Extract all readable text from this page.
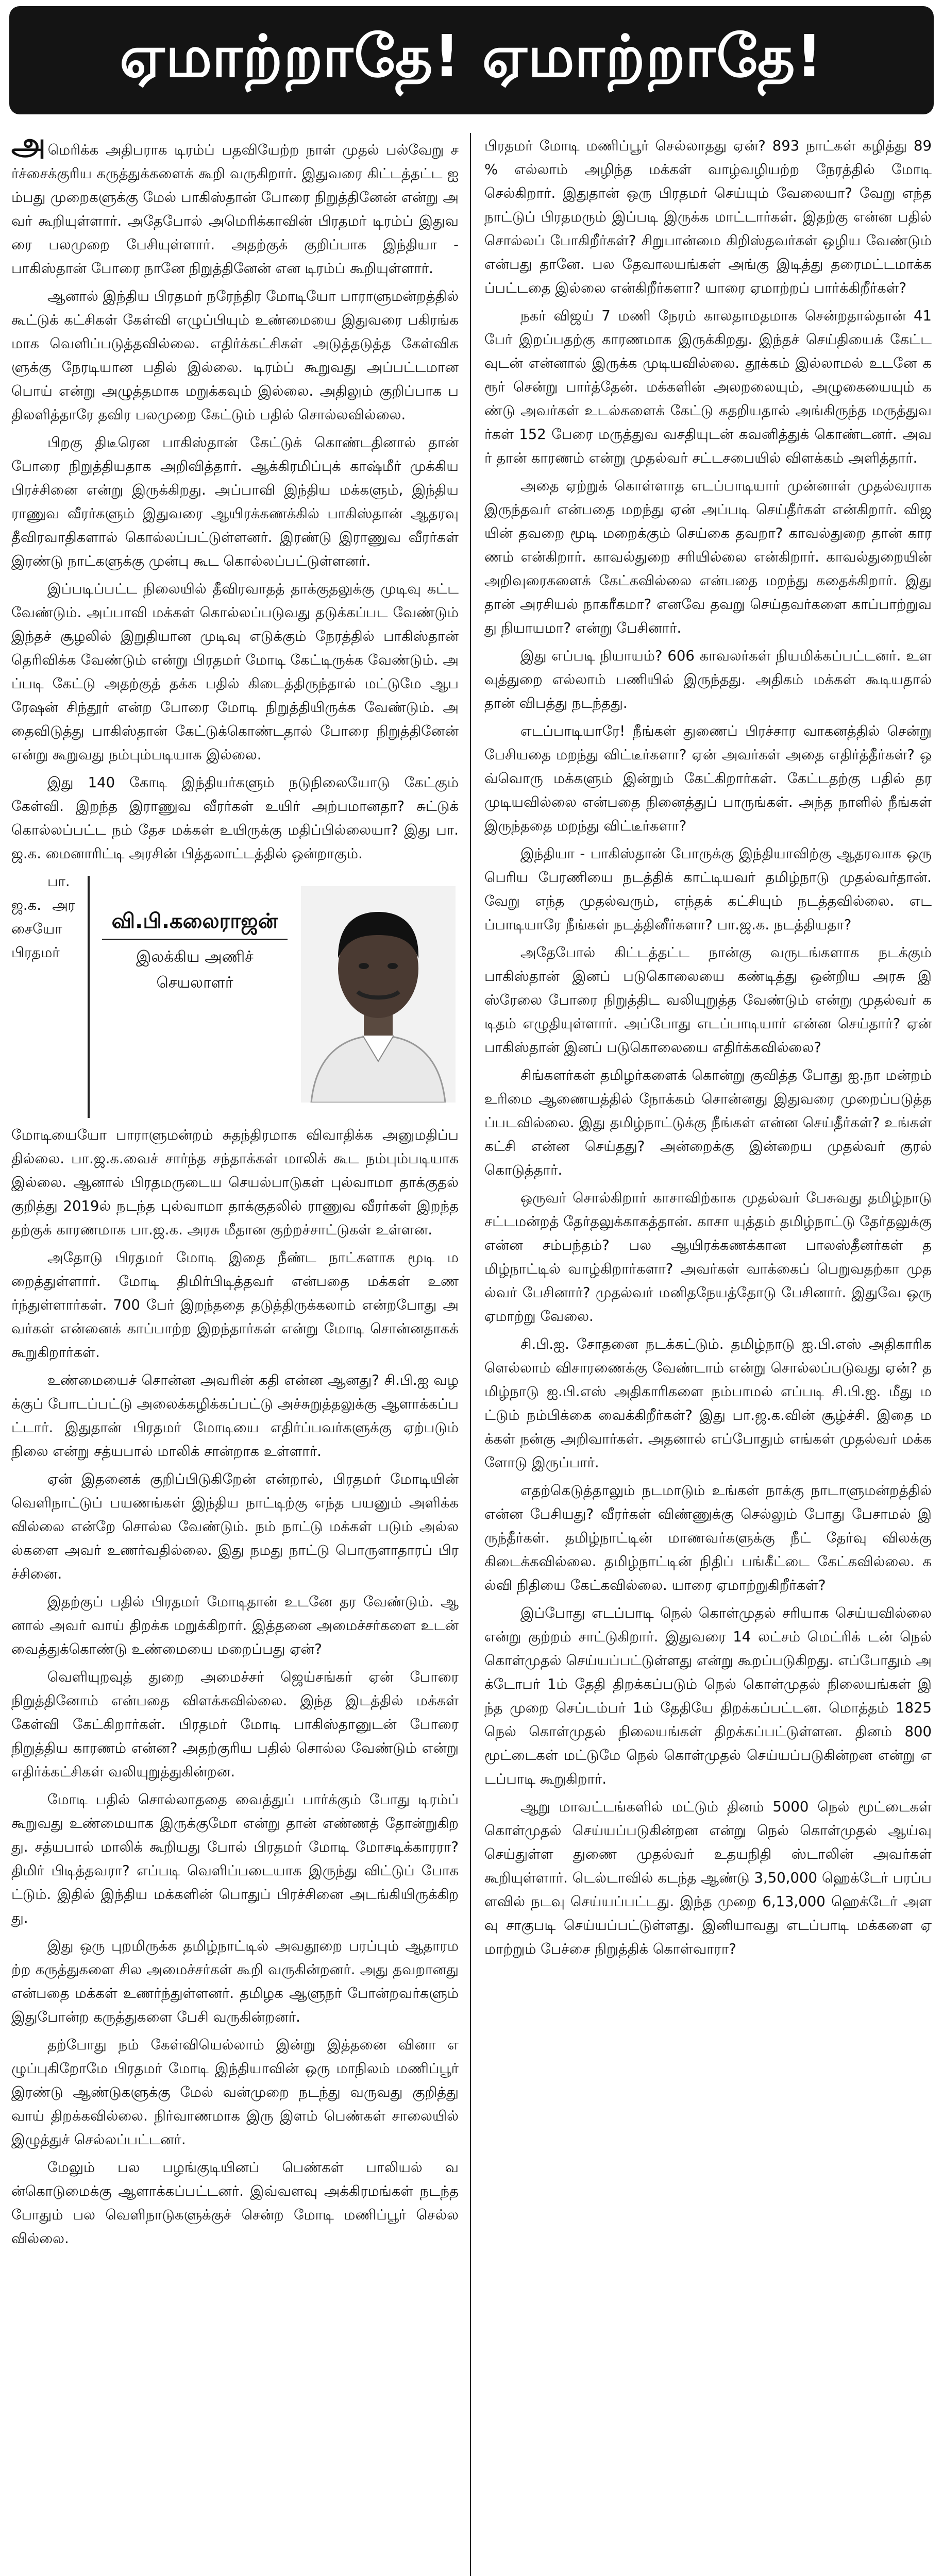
ஏமாற்றாதே! ஏமாற்றாதே!

அமெரிக்க அதிபராக டிரம்ப் பதவியேற்ற நாள் முதல் பல்வேறு சர்ச்சைக்குரிய கருத்துக்களைக் கூறி வருகிறார். இதுவரை கிட்டத்தட்ட ஐம்பது முறைகளுக்கு மேல் பாகிஸ்தான் போரை நிறுத்தினேன் என்று அவர் கூறியுள்ளார். அதேபோல் அமெரிக்காவின் பிரதமர் டிரம்ப் இதுவரை பலமுறை பேசியுள்ளார். அதற்குக் குறிப்பாக இந்தியா - பாகிஸ்தான் போரை நானே நிறுத்தினேன் என டிரம்ப் கூறியுள்ளார்.

ஆனால் இந்திய பிரதமர் நரேந்திர மோடியோ பாராளுமன்றத்தில் கூட்டுக் கட்சிகள் கேள்வி எழுப்பியும் உண்மையை இதுவரை பகிரங்கமாக வெளிப்படுத்தவில்லை. எதிர்க்கட்சிகள் அடுத்தடுத்த கேள்விகளுக்கு நேரடியான பதில் இல்லை. டிரம்ப் கூறுவது அப்பட்டமான பொய் என்று அழுத்தமாக மறுக்கவும் இல்லை. அதிலும் குறிப்பாக பதிலளித்தாரே தவிர பலமுறை கேட்டும் பதில் சொல்லவில்லை.

பிறகு திடீரென பாகிஸ்தான் கேட்டுக் கொண்டதினால் தான் போரை நிறுத்தியதாக அறிவித்தார். ஆக்கிரமிப்புக் காஷ்மீர் முக்கிய பிரச்சினை என்று இருக்கிறது. அப்பாவி இந்திய மக்களும், இந்திய ராணுவ வீரர்களும் இதுவரை ஆயிரக்கணக்கில் பாகிஸ்தான் ஆதரவு தீவிரவாதிகளால் கொல்லப்பட்டுள்ளனர். இரண்டு இராணுவ வீரர்கள் இரண்டு நாட்களுக்கு முன்பு கூட கொல்லப்பட்டுள்ளனர்.

இப்படிப்பட்ட நிலையில் தீவிரவாதத் தாக்குதலுக்கு முடிவு கட்ட வேண்டும். அப்பாவி மக்கள் கொல்லப்படுவது தடுக்கப்பட வேண்டும் இந்தச் சூழலில் இறுதியான முடிவு எடுக்கும் நேரத்தில் பாகிஸ்தான் தெரிவிக்க வேண்டும் என்று பிரதமர் மோடி கேட்டிருக்க வேண்டும். அப்படி கேட்டு அதற்குத் தக்க பதில் கிடைத்திருந்தால் மட்டுமே ஆபரேஷன் சிந்தூர் என்ற போரை மோடி நிறுத்தியிருக்க வேண்டும். அதைவிடுத்து பாகிஸ்தான் கேட்டுக்கொண்டதால் போரை நிறுத்தினேன் என்று கூறுவது நம்பும்படியாக இல்லை.

இது 140 கோடி இந்தியர்களும் நடுநிலையோடு கேட்கும் கேள்வி. இறந்த இராணுவ வீரர்கள் உயிர் அற்பமானதா? சுட்டுக் கொல்லப்பட்ட நம் தேச மக்கள் உயிருக்கு மதிப்பில்லையா? இது பா.ஜ.க. மைனாரிட்டி அரசின் பித்தலாட்டத்தில் ஒன்றாகும்.

வி.பி.கலைராஜன்
இலக்கிய அணிச் செயலாளர்

பா.ஜ.க. அரசையோ பிரதமர் மோடியையோ பாராளுமன்றம் சுதந்திரமாக விவாதிக்க அனுமதிப்பதில்லை. பா.ஜ.க.வைச் சார்ந்த சந்தாக்கள் மாலிக் கூட நம்பும்படியாக இல்லை. ஆனால் பிரதமருடைய செயல்பாடுகள் புல்வாமா தாக்குதல் குறித்து 2019ல் நடந்த புல்வாமா தாக்குதலில் ராணுவ வீரர்கள் இறந்ததற்குக் காரணமாக பா.ஜ.க. அரசு மீதான குற்றச்சாட்டுகள் உள்ளன.

அதோடு பிரதமர் மோடி இதை நீண்ட நாட்களாக மூடி மறைத்துள்ளார். மோடி திமிர்பிடித்தவர் என்பதை மக்கள் உணர்ந்துள்ளார்கள். 700 பேர் இறந்ததை தடுத்திருக்கலாம் என்றபோது அவர்கள் என்னைக் காப்பாற்ற இறந்தார்கள் என்று மோடி சொன்னதாகக் கூறுகிறார்கள்.

உண்மையைச் சொன்ன அவரின் கதி என்ன ஆனது? சி.பி.ஐ வழக்குப் போடப்பட்டு அலைக்கழிக்கப்பட்டு அச்சுறுத்தலுக்கு ஆளாக்கப்பட்டார். இதுதான் பிரதமர் மோடியை எதிர்ப்பவர்களுக்கு ஏற்படும் நிலை என்று சத்யபால் மாலிக் சான்றாக உள்ளார்.

ஏன் இதனைக் குறிப்பிடுகிறேன் என்றால், பிரதமர் மோடியின் வெளிநாட்டுப் பயணங்கள் இந்திய நாட்டிற்கு எந்த பயனும் அளிக்கவில்லை என்றே சொல்ல வேண்டும். நம் நாட்டு மக்கள் படும் அல்லல்களை அவர் உணர்வதில்லை. இது நமது நாட்டு பொருளாதாரப் பிரச்சினை.

இதற்குப் பதில் பிரதமர் மோடிதான் உடனே தர வேண்டும். ஆனால் அவர் வாய் திறக்க மறுக்கிறார். இத்தனை அமைச்சர்களை உடன் வைத்துக்கொண்டு உண்மையை மறைப்பது ஏன்?

வெளியுறவுத் துறை அமைச்சர் ஜெய்சங்கர் ஏன் போரை நிறுத்தினோம் என்பதை விளக்கவில்லை. இந்த இடத்தில் மக்கள் கேள்வி கேட்கிறார்கள். பிரதமர் மோடி பாகிஸ்தானுடன் போரை நிறுத்திய காரணம் என்ன? அதற்குரிய பதில் சொல்ல வேண்டும் என்று எதிர்க்கட்சிகள் வலியுறுத்துகின்றன.

மோடி பதில் சொல்லாததை வைத்துப் பார்க்கும் போது டிரம்ப் கூறுவது உண்மையாக இருக்குமோ என்று தான் எண்ணத் தோன்றுகிறது. சத்யபால் மாலிக் கூறியது போல் பிரதமர் மோடி மோசடிக்காரரா? திமிர் பிடித்தவரா? எப்படி வெளிப்படையாக இருந்து விட்டுப் போகட்டும். இதில் இந்திய மக்களின் பொதுப் பிரச்சினை அடங்கியிருக்கிறது.

இது ஒரு புறமிருக்க தமிழ்நாட்டில் அவதூறை பரப்பும் ஆதாரமற்ற கருத்துகளை சில அமைச்சர்கள் கூறி வருகின்றனர். அது தவறானது என்பதை மக்கள் உணர்ந்துள்ளனர். தமிழக ஆளுநர் போன்றவர்களும் இதுபோன்ற கருத்துகளை பேசி வருகின்றனர்.

தற்போது நம் கேள்வியெல்லாம் இன்று இத்தனை வினா எழுப்புகிறோமே பிரதமர் மோடி இந்தியாவின் ஒரு மாநிலம் மணிப்பூர் இரண்டு ஆண்டுகளுக்கு மேல் வன்முறை நடந்து வருவது குறித்து வாய் திறக்கவில்லை. நிர்வாணமாக இரு இளம் பெண்கள் சாலையில் இழுத்துச் செல்லப்பட்டனர்.

மேலும் பல பழங்குடியினப் பெண்கள் பாலியல் வன்கொடுமைக்கு ஆளாக்கப்பட்டனர். இவ்வளவு அக்கிரமங்கள் நடந்த போதும் பல வெளிநாடுகளுக்குச் சென்ற மோடி மணிப்பூர் செல்லவில்லை.

பிரதமர் மோடி மணிப்பூர் செல்லாதது ஏன்? 893 நாட்கள் கழித்து 89 % எல்லாம் அழிந்த மக்கள் வாழ்வழியற்ற நேரத்தில் மோடி செல்கிறார். இதுதான் ஒரு பிரதமர் செய்யும் வேலையா? வேறு எந்த நாட்டுப் பிரதமரும் இப்படி இருக்க மாட்டார்கள். இதற்கு என்ன பதில் சொல்லப் போகிறீர்கள்? சிறுபான்மை கிறிஸ்தவர்கள் ஒழிய வேண்டும் என்பது தானே. பல தேவாலயங்கள் அங்கு இடித்து தரைமட்டமாக்கப்பட்டதை இல்லை என்கிறீர்களா? யாரை ஏமாற்றப் பார்க்கிறீர்கள்?

நகர் விஜய் 7 மணி நேரம் காலதாமதமாக சென்றதால்தான் 41 பேர் இறப்பதற்கு காரணமாக இருக்கிறது. இந்தச் செய்தியைக் கேட்டவுடன் என்னால் இருக்க முடியவில்லை. தூக்கம் இல்லாமல் உடனே கரூர் சென்று பார்த்தேன். மக்களின் அலறலையும், அழுகையையும் கண்டு அவர்கள் உடல்களைக் கேட்டு கதறியதால் அங்கிருந்த மருத்துவர்கள் 152 பேரை மருத்துவ வசதியுடன் கவனித்துக் கொண்டனர். அவர் தான் காரணம் என்று முதல்வர் சட்டசபையில் விளக்கம் அளித்தார்.

அதை ஏற்றுக் கொள்ளாத எடப்பாடியார் முன்னாள் முதல்வராக இருந்தவர் என்பதை மறந்து ஏன் அப்படி செய்தீர்கள் என்கிறார். விஜயின் தவறை மூடி மறைக்கும் செய்கை தவறா? காவல்துறை தான் காரணம் என்கிறார். காவல்துறை சரியில்லை என்கிறார். காவல்துறையின் அறிவுரைகளைக் கேட்கவில்லை என்பதை மறந்து கதைக்கிறார். இது தான் அரசியல் நாகரீகமா? எனவே தவறு செய்தவர்களை காப்பாற்றுவது நியாயமா? என்று பேசினார்.

இது எப்படி நியாயம்? 606 காவலர்கள் நியமிக்கப்பட்டனர். உளவுத்துறை எல்லாம் பணியில் இருந்தது. அதிகம் மக்கள் கூடியதால் தான் விபத்து நடந்தது.

எடப்பாடியாரே! நீங்கள் துணைப் பிரச்சார வாகனத்தில் சென்று பேசியதை மறந்து விட்டீர்களா? ஏன் அவர்கள் அதை எதிர்த்தீர்கள்? ஒவ்வொரு மக்களும் இன்றும் கேட்கிறார்கள். கேட்டதற்கு பதில் தர முடியவில்லை என்பதை நினைத்துப் பாருங்கள். அந்த நாளில் நீங்கள் இருந்ததை மறந்து விட்டீர்களா?

இந்தியா - பாகிஸ்தான் போருக்கு இந்தியாவிற்கு ஆதரவாக ஒரு பெரிய பேரணியை நடத்திக் காட்டியவர் தமிழ்நாடு முதல்வர்தான். வேறு எந்த முதல்வரும், எந்தக் கட்சியும் நடத்தவில்லை. எடப்பாடியாரே நீங்கள் நடத்தினீர்களா? பா.ஜ.க. நடத்தியதா?

அதேபோல் கிட்டத்தட்ட நான்கு வருடங்களாக நடக்கும் பாகிஸ்தான் இனப் படுகொலையை கண்டித்து ஒன்றிய அரசு இஸ்ரேலை போரை நிறுத்திட வலியுறுத்த வேண்டும் என்று முதல்வர் கடிதம் எழுதியுள்ளார். அப்போது எடப்பாடியார் என்ன செய்தார்? ஏன் பாகிஸ்தான் இனப் படுகொலையை எதிர்க்கவில்லை?

சிங்களர்கள் தமிழர்களைக் கொன்று குவித்த போது ஐ.நா மன்றம் உரிமை ஆணையத்தில் நோக்கம் சொன்னது இதுவரை முறைப்படுத்தப்படவில்லை. இது தமிழ்நாட்டுக்கு நீங்கள் என்ன செய்தீர்கள்? உங்கள் கட்சி என்ன செய்தது? அன்றைக்கு இன்றைய முதல்வர் குரல் கொடுத்தார்.

ஒருவர் சொல்கிறார் காசாவிற்காக முதல்வர் பேசுவது தமிழ்நாடு சட்டமன்றத் தேர்தலுக்காகத்தான். காசா யுத்தம் தமிழ்நாட்டு தேர்தலுக்கு என்ன சம்பந்தம்? பல ஆயிரக்கணக்கான பாலஸ்தீனர்கள் தமிழ்நாட்டில் வாழ்கிறார்களா? அவர்கள் வாக்கைப் பெறுவதற்கா முதல்வர் பேசினார்? முதல்வர் மனிதநேயத்தோடு பேசினார். இதுவே ஒரு ஏமாற்று வேலை.

சி.பி.ஐ. சோதனை நடக்கட்டும். தமிழ்நாடு ஐ.பி.எஸ் அதிகாரிகளெல்லாம் விசாரணைக்கு வேண்டாம் என்று சொல்லப்படுவது ஏன்? தமிழ்நாடு ஐ.பி.எஸ் அதிகாரிகளை நம்பாமல் எப்படி சி.பி.ஐ. மீது மட்டும் நம்பிக்கை வைக்கிறீர்கள்? இது பா.ஜ.க.வின் சூழ்ச்சி. இதை மக்கள் நன்கு அறிவார்கள். அதனால் எப்போதும் எங்கள் முதல்வர் மக்களோடு இருப்பார்.

எதற்கெடுத்தாலும் நடமாடும் உங்கள் நாக்கு நாடாளுமன்றத்தில் என்ன பேசியது? வீரர்கள் விண்ணுக்கு செல்லும் போது பேசாமல் இருந்தீர்கள். தமிழ்நாட்டின் மாணவர்களுக்கு நீட் தேர்வு விலக்கு கிடைக்கவில்லை. தமிழ்நாட்டின் நிதிப் பங்கீட்டை கேட்கவில்லை. கல்வி நிதியை கேட்கவில்லை. யாரை ஏமாற்றுகிறீர்கள்?

இப்போது எடப்பாடி நெல் கொள்முதல் சரியாக செய்யவில்லை என்று குற்றம் சாட்டுகிறார். இதுவரை 14 லட்சம் மெட்ரிக் டன் நெல் கொள்முதல் செய்யப்பட்டுள்ளது என்று கூறப்படுகிறது. எப்போதும் அக்டோபர் 1ம் தேதி திறக்கப்படும் நெல் கொள்முதல் நிலையங்கள் இந்த முறை செப்டம்பர் 1ம் தேதியே திறக்கப்பட்டன. மொத்தம் 1825 நெல் கொள்முதல் நிலையங்கள் திறக்கப்பட்டுள்ளன. தினம் 800 மூட்டைகள் மட்டுமே நெல் கொள்முதல் செய்யப்படுகின்றன என்று எடப்பாடி கூறுகிறார்.

ஆறு மாவட்டங்களில் மட்டும் தினம் 5000 நெல் மூட்டைகள் கொள்முதல் செய்யப்படுகின்றன என்று நெல் கொள்முதல் ஆய்வு செய்துள்ள துணை முதல்வர் உதயநிதி ஸ்டாலின் அவர்கள் கூறியுள்ளார். டெல்டாவில் கடந்த ஆண்டு 3,50,000 ஹெக்டேர் பரப்பளவில் நடவு செய்யப்பட்டது. இந்த முறை 6,13,000 ஹெக்டேர் அளவு சாகுபடி செய்யப்பட்டுள்ளது. இனியாவது எடப்பாடி மக்களை ஏமாற்றும் பேச்சை நிறுத்திக் கொள்வாரா?
